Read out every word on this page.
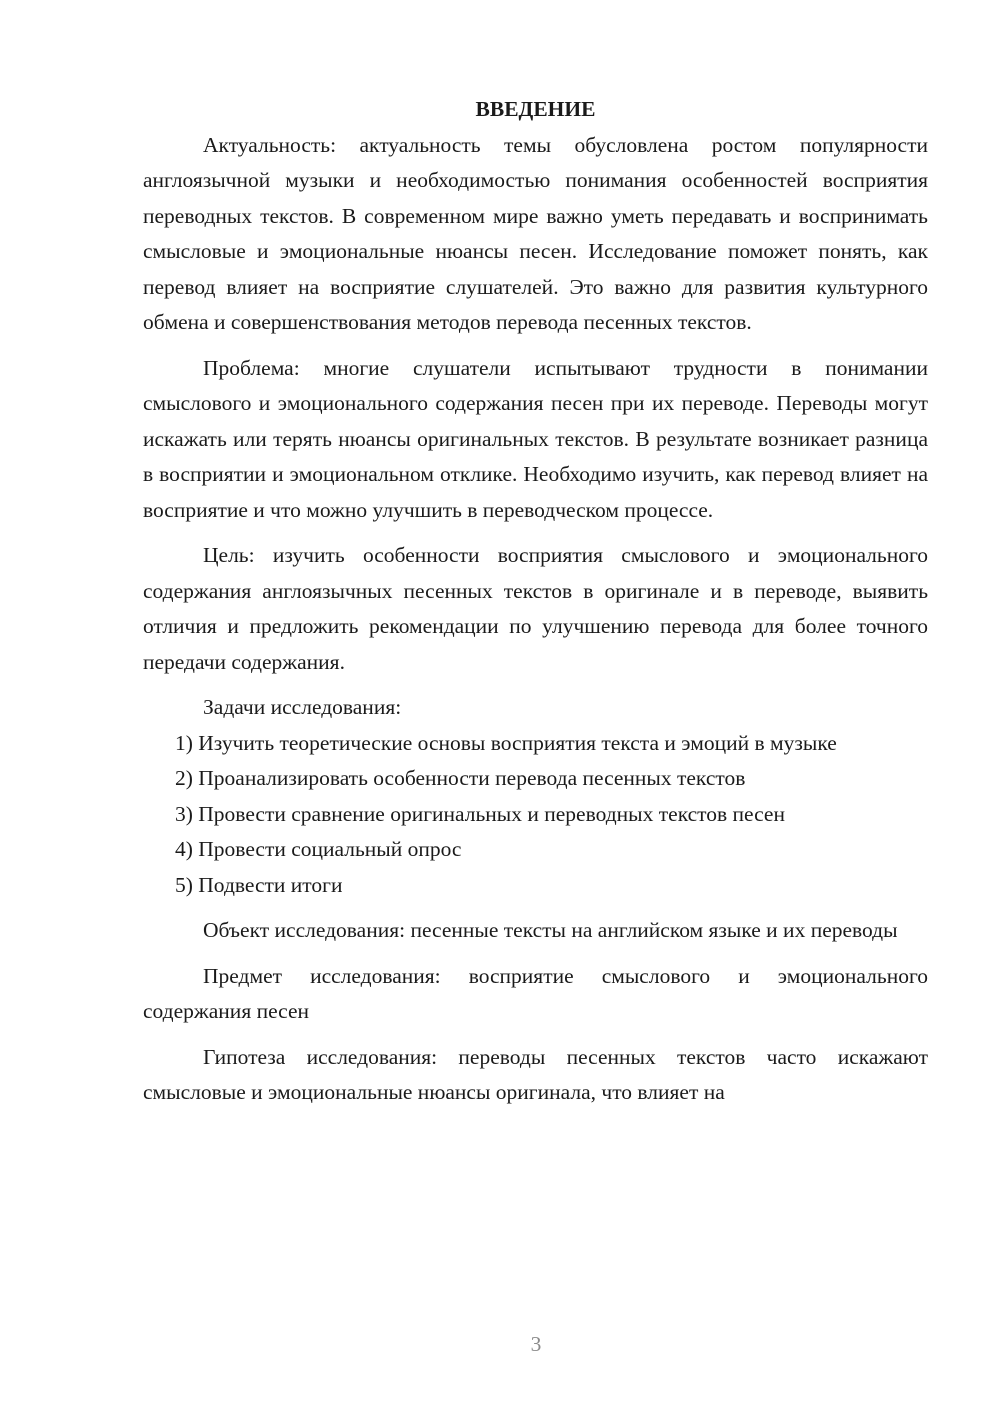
ВВЕДЕНИЕ

Актуальность: актуальность темы обусловлена ростом популярности англоязычной музыки и необходимостью понимания особенностей восприятия переводных текстов. В современном мире важно уметь передавать и воспринимать смысловые и эмоциональные нюансы песен. Исследование поможет понять, как перевод влияет на восприятие слушателей. Это важно для развития культурного обмена и совершенствования методов перевода песенных текстов.

Проблема: многие слушатели испытывают трудности в понимании смыслового и эмоционального содержания песен при их переводе. Переводы могут искажать или терять нюансы оригинальных текстов. В результате возникает разница в восприятии и эмоциональном отклике. Необходимо изучить, как перевод влияет на восприятие и что можно улучшить в переводческом процессе.

Цель: изучить особенности восприятия смыслового и эмоционального содержания англоязычных песенных текстов в оригинале и в переводе, выявить отличия и предложить рекомендации по улучшению перевода для более точного передачи содержания.

Задачи исследования:

1) Изучить теоретические основы восприятия текста и эмоций в музыке
2) Проанализировать особенности перевода песенных текстов
3) Провести сравнение оригинальных и переводных текстов песен
4) Провести социальный опрос
5) Подвести итоги

Объект исследования: песенные тексты на английском языке и их переводы

Предмет исследования: восприятие смыслового и эмоционального содержания песен

Гипотеза исследования: переводы песенных текстов часто искажают смысловые и эмоциональные нюансы оригинала, что влияет на

3
